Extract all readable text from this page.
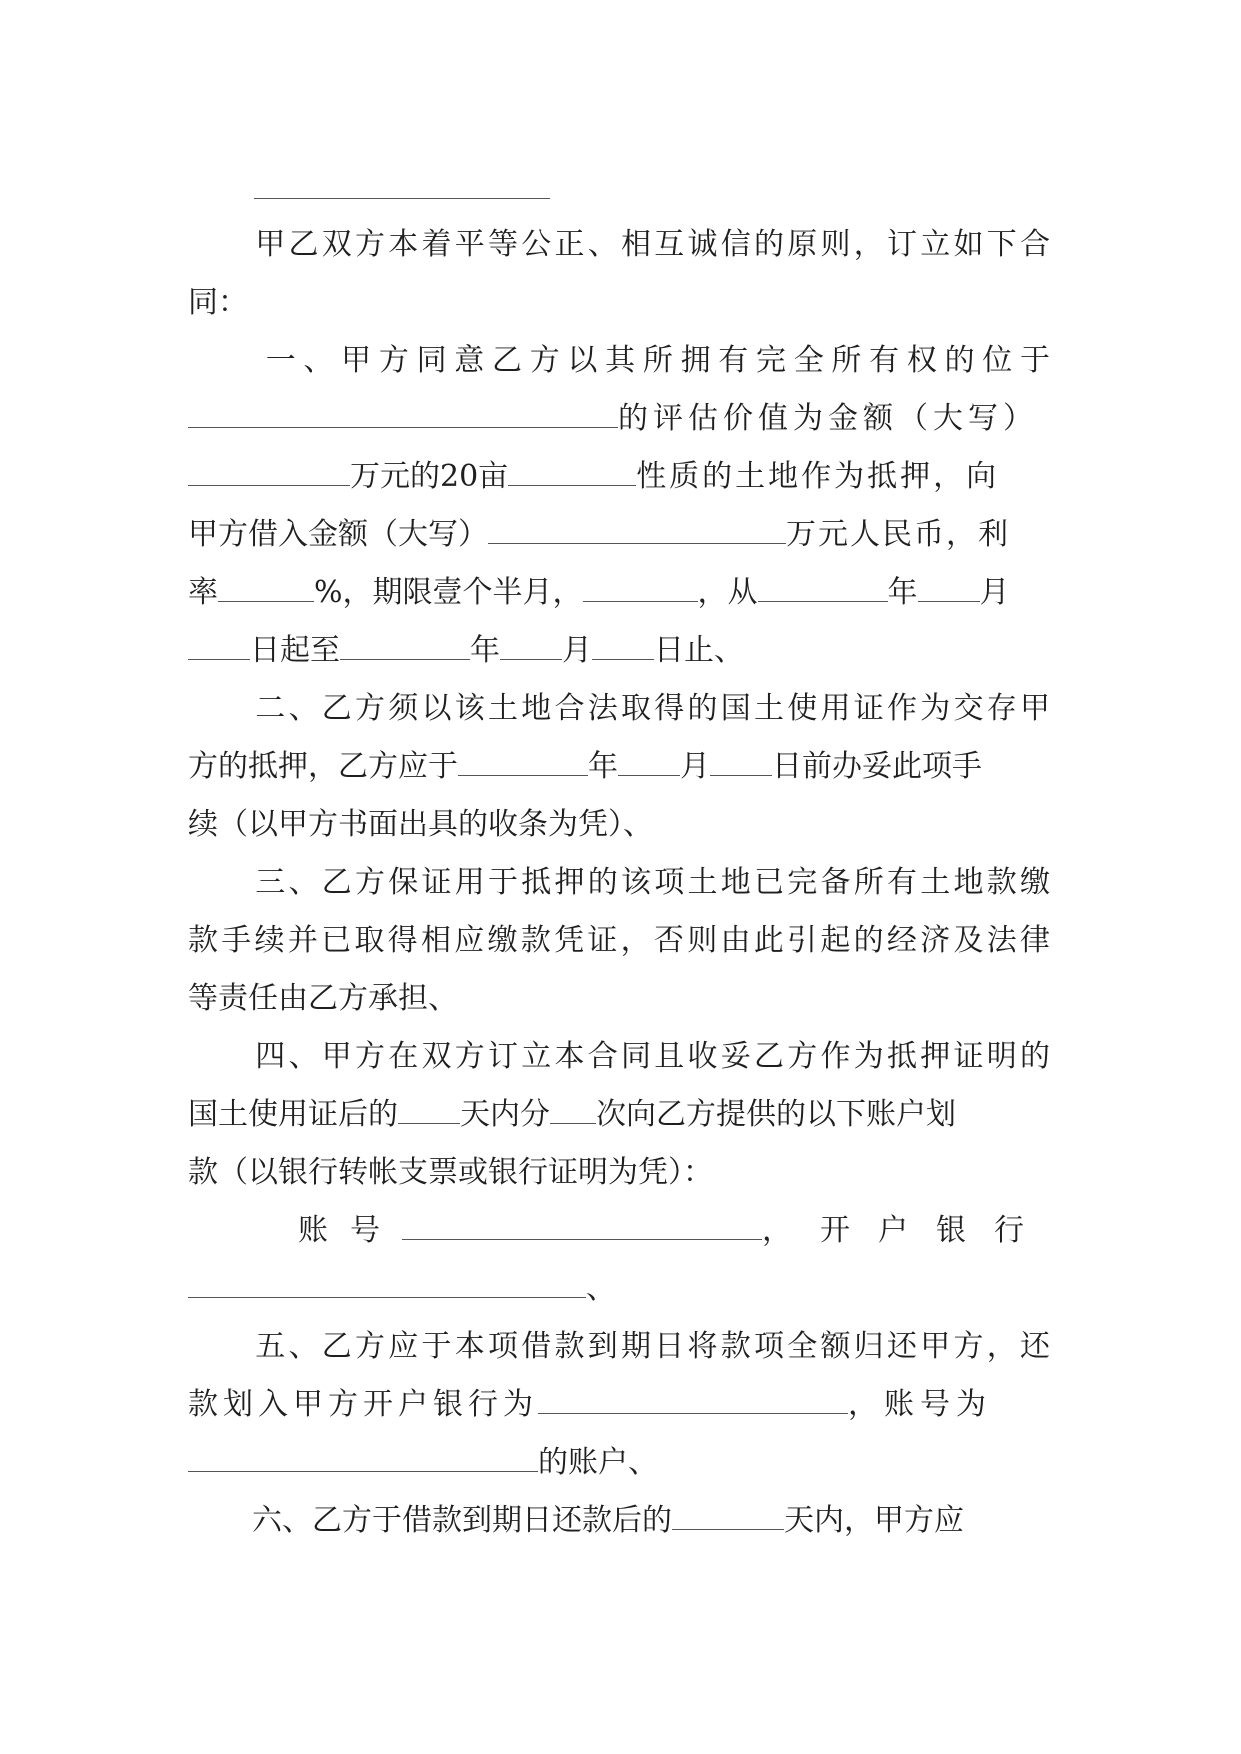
甲乙双方本着平等公正、相互诚信的原则，订立如下合
同：
一、甲方同意乙方以其所拥有完全所有权的位于
的评估价值为金额（大写）
万元的20亩	性质的土地作为抵押，向
甲方借入金额（大写）	万元人民币，利
率	%，期限壹个半月，	，从	年 月
日起至	年 月 日止、
二、乙方须以该土地合法取得的国土使用证作为交存甲
方的抵押，乙方应于	年 月 日前办妥此项手
续（以甲方书面出具的收条为凭）、
三、乙方保证用于抵押的该项土地已完备所有土地款缴
款手续并已取得相应缴款凭证，否则由此引起的经济及法律
等责任由乙方承担、
四、甲方在双方订立本合同且收妥乙方作为抵押证明的
国土使用证后的 天内分 次向乙方提供的以下账户划
款（以银行转帐支票或银行证明为凭）：
账号	，开户银行
、
五、乙方应于本项借款到期日将款项全额归还甲方，还
款划入甲方开户银行为	，账号为
的账户、
六、乙方于借款到期日还款后的	天内，甲方应
